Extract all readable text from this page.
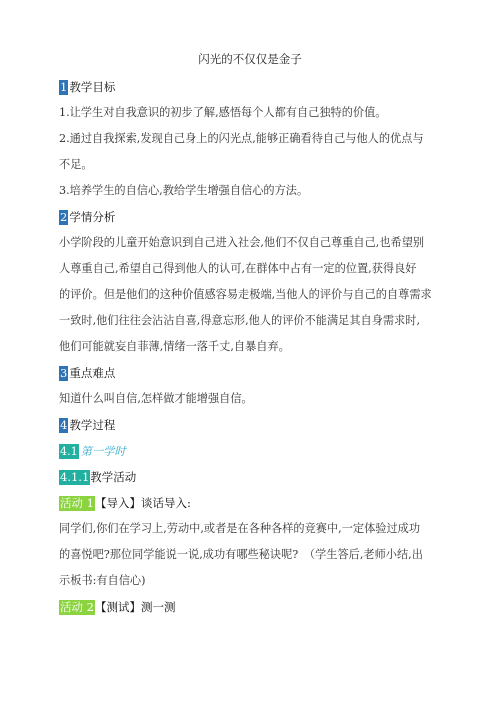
闪光的不仅仅是金子
1 教学目标
1.让学生对自我意识的初步了解,感悟每个人都有自己独特的价值。
2.通过自我探索,发现自己身上的闪光点,能够正确看待自己与他人的优点与
不足。
3.培养学生的自信心,教给学生增强自信心的方法。
2 学情分析
小学阶段的儿童开始意识到自己进入社会,他们不仅自己尊重自己,也希望别
人尊重自己,希望自己得到他人的认可,在群体中占有一定的位置,获得良好
的评价。但是他们的这种价值感容易走极端,当他人的评价与自己的自尊需求
一致时,他们往往会沾沾自喜,得意忘形,他人的评价不能满足其自身需求时,
他们可能就妄自菲薄,情绪一落千丈,自暴自弃。
3 重点难点
知道什么叫自信,怎样做才能增强自信。
4 教学过程
4.1 第一学时
4.1.1教学活动
活动 1【导入】谈话导入:
同学们,你们在学习上,劳动中,或者是在各种各样的竞赛中,一定体验过成功
的喜悦吧?那位同学能说一说,成功有哪些秘诀呢?　（学生答后,老师小结,出
示板书:有自信心)
活动 2【测试】测一测
